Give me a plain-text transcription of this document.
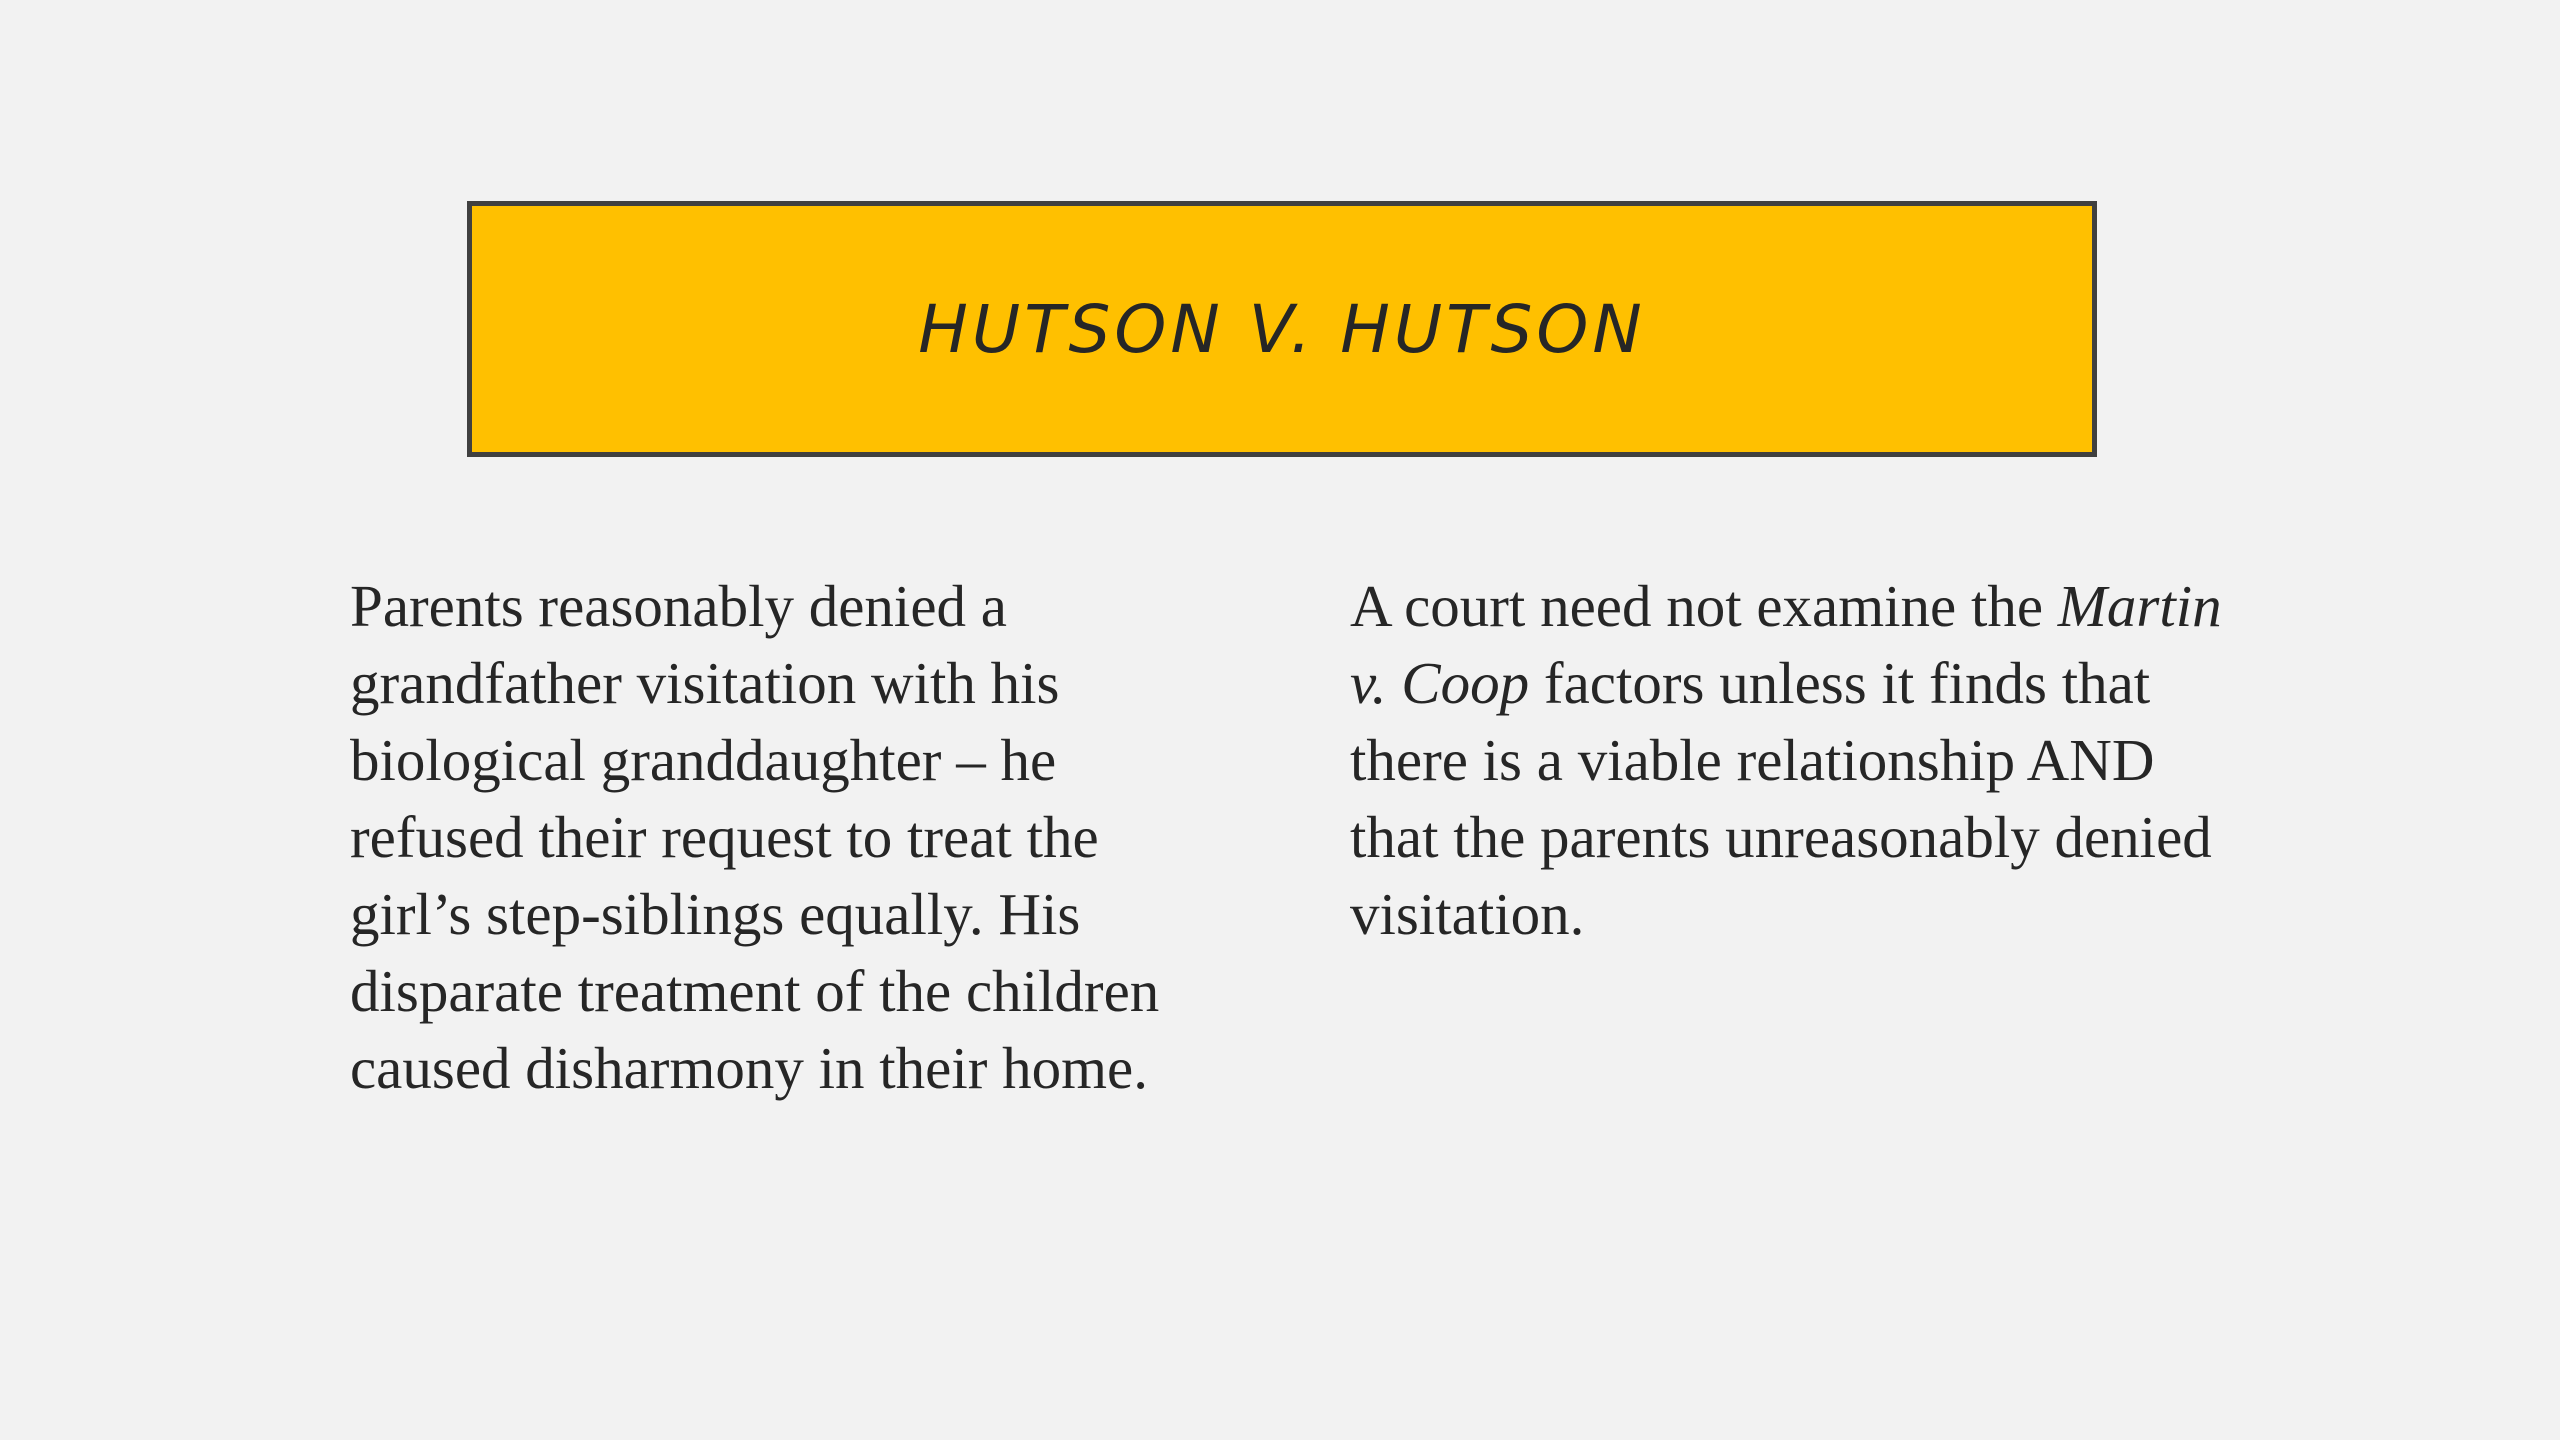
HUTSON V. HUTSON

Parents reasonably denied a grandfather visitation with his biological granddaughter – he refused their request to treat the girl’s step-siblings equally. His disparate treatment of the children caused disharmony in their home.

A court need not examine the Martin v. Coop factors unless it finds that there is a viable relationship AND that the parents unreasonably denied visitation.
